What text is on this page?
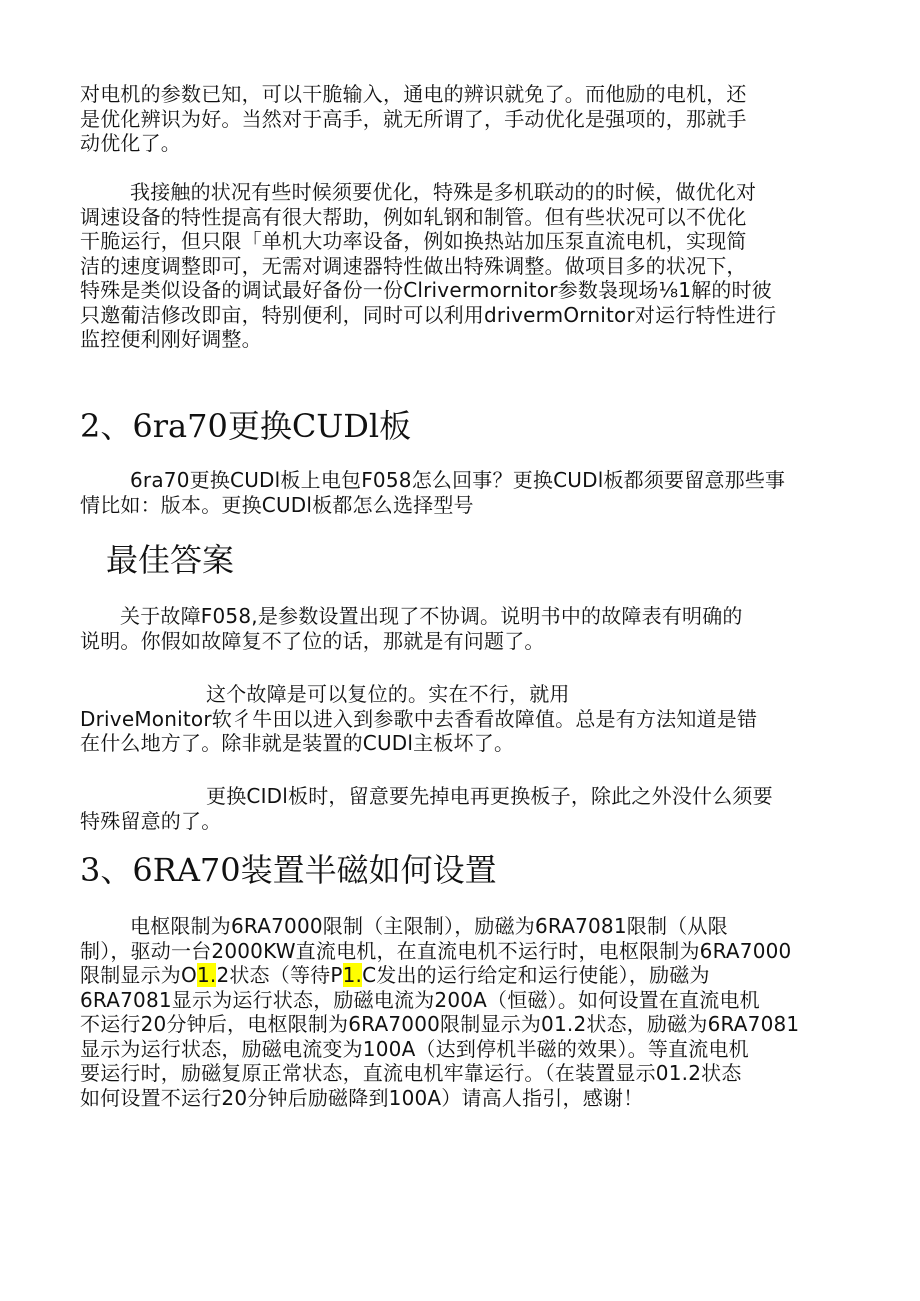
对电机的参数已知，可以干脆输入，通电的辨识就免了。而他励的电机，还
是优化辨识为好。当然对于高手，就无所谓了，手动优化是强项的，那就手
动优化了。

我接触的状况有些时候须要优化，特殊是多机联动的的时候，做优化对
调速设备的特性提高有很大帮助，例如轧钢和制管。但有些状况可以不优化
干脆运行，但只限「单机大功率设备，例如换热站加压泵直流电机，实现简
洁的速度调整即可，无需对调速器特性做出特殊调整。做项目多的状况下，
特殊是类似设备的调试最好备份一份Clrivermornitor参数袅现场⅛1解的时彼
只邀葡洁修改即亩，特别便利，同时可以利用drivermOrnitor对运行特性进行
监控便利刚好调整。

2、6ra70更换CUDl板

6ra70更换CUDl板上电包F058怎么回事？更换CUDl板都须要留意那些事
情比如：版本。更换CUDl板都怎么选择型号

最佳答案

关于故障F058,是参数设置出现了不协调。说明书中的故障表有明确的
说明。你假如故障复不了位的话，那就是有问题了。

这个故障是可以复位的。实在不行，就用
DriveMonitor软彳牛田以进入到参歌中去香看故障值。总是有方法知道是错
在什么地方了。除非就是装置的CUDl主板坏了。

更换CIDl板时，留意要先掉电再更换板子，除此之外没什么须要
特殊留意的了。

3、6RA70装置半磁如何设置

电枢限制为6RA7000限制（主限制），励磁为6RA7081限制（从限
制），驱动一台2000KW直流电机，在直流电机不运行时，电枢限制为6RA7000
限制显示为O1.2状态（等待P1.C发出的运行给定和运行使能），励磁为
6RA7081显示为运行状态，励磁电流为200A（恒磁）。如何设置在直流电机
不运行20分钟后，电枢限制为6RA7000限制显示为01.2状态，励磁为6RA7081
显示为运行状态，励磁电流变为100A（达到停机半磁的效果）。等直流电机
要运行时，励磁复原正常状态，直流电机牢靠运行。（在装置显示01.2状态
如何设置不运行20分钟后励磁降到100A）请高人指引，感谢！
